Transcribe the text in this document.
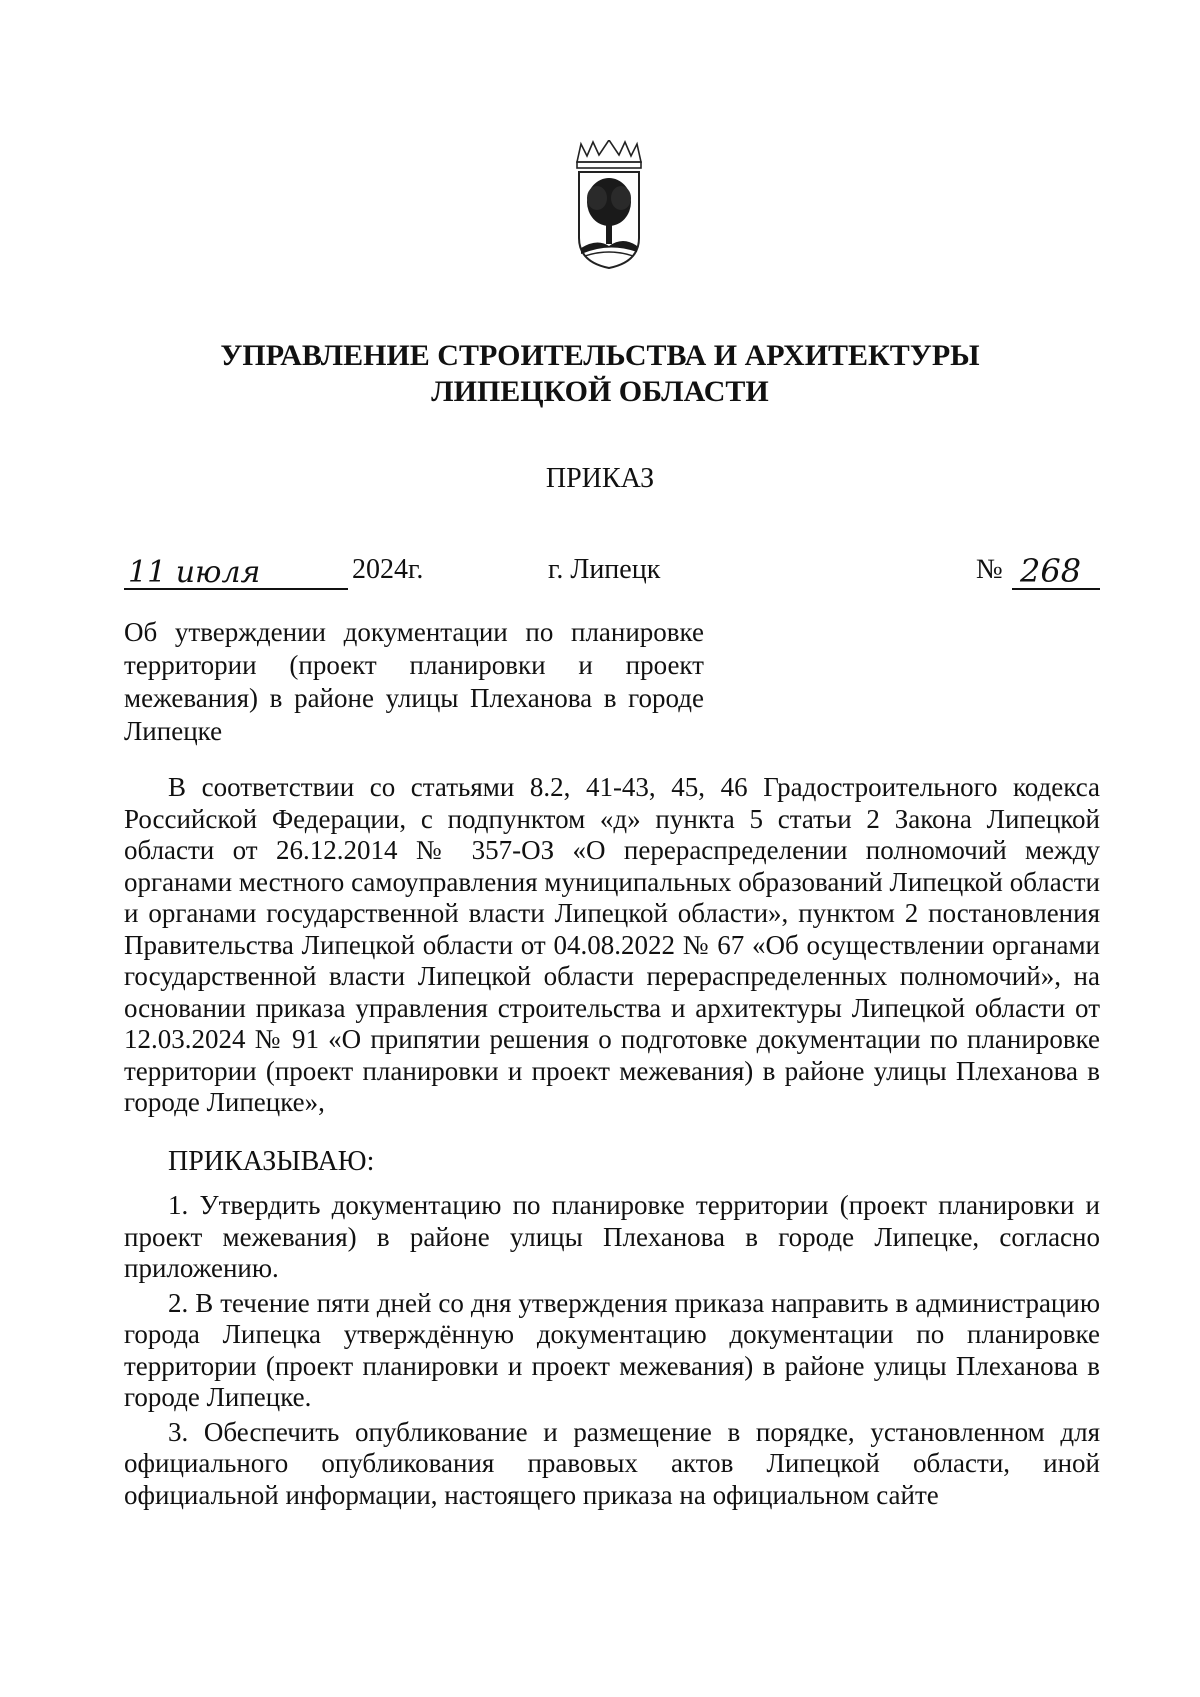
УПРАВЛЕНИЕ СТРОИТЕЛЬСТВА И АРХИТЕКТУРЫ
ЛИПЕЦКОЙ ОБЛАСТИ
ПРИКАЗ
11 июля	2024г.	г. Липецк	№ 268
Об утверждении документации по планировке территории (проект планировки и проект межевания) в районе улицы Плеханова в городе Липецке

В соответствии со статьями 8.2, 41-43, 45, 46 Градостроительного кодекса Российской Федерации, с подпунктом «д» пункта 5 статьи 2 Закона Липецкой области от 26.12.2014 № 357-ОЗ «О перераспределении полномочий между органами местного самоуправления муниципальных образований Липецкой области и органами государственной власти Липецкой области», пунктом 2 постановления Правительства Липецкой области от 04.08.2022 № 67 «Об осуществлении органами государственной власти Липецкой области перераспределенных полномочий», на основании приказа управления строительства и архитектуры Липецкой области от 12.03.2024 № 91 «О припятии решения о подготовке документации по планировке территории (проект планировки и проект межевания) в районе улицы Плеханова в городе Липецке»,

ПРИКАЗЫВАЮ:

1. Утвердить документацию по планировке территории (проект планировки и проект межевания) в районе улицы Плеханова в городе Липецке, согласно приложению.

2. В течение пяти дней со дня утверждения приказа направить в администрацию города Липецка утверждённую документацию документации по планировке территории (проект планировки и проект межевания) в районе улицы Плеханова в городе Липецке.

3. Обеспечить опубликование и размещение в порядке, установленном для официального опубликования правовых актов Липецкой области, иной официальной информации, настоящего приказа на официальном сайте
